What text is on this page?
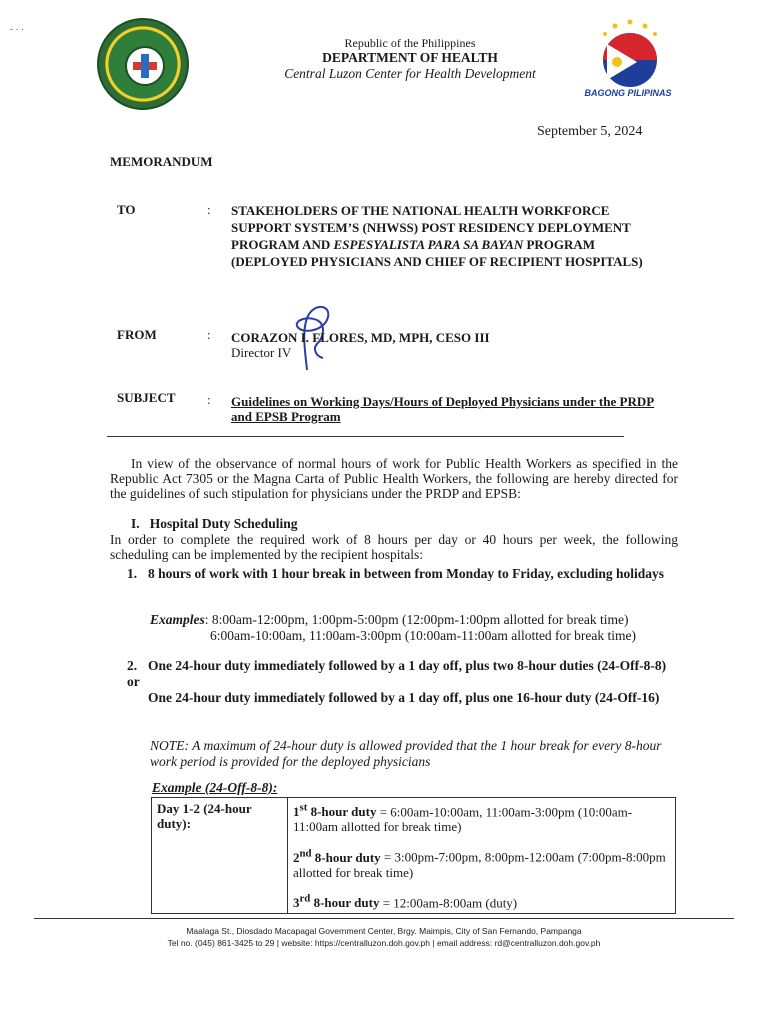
- · ·
Republic of the Philippines
DEPARTMENT OF HEALTH
Central Luzon Center for Health Development
BAGONG PILIPINAS
September 5, 2024
MEMORANDUM
TO	: STAKEHOLDERS OF THE NATIONAL HEALTH WORKFORCE SUPPORT SYSTEM’S (NHWSS) POST RESIDENCY DEPLOYMENT PROGRAM AND ESPESYALISTA PARA SA BAYAN PROGRAM (DEPLOYED PHYSICIANS AND CHIEF OF RECIPIENT HOSPITALS)
FROM	: CORAZON I. FLORES, MD, MPH, CESO III
Director IV
SUBJECT : Guidelines on Working Days/Hours of Deployed Physicians under the PRDP and EPSB Program
In view of the observance of normal hours of work for Public Health Workers as specified in the Republic Act 7305 or the Magna Carta of Public Health Workers, the following are hereby directed for the guidelines of such stipulation for physicians under the PRDP and EPSB:
I. Hospital Duty Scheduling
In order to complete the required work of 8 hours per day or 40 hours per week, the following scheduling can be implemented by the recipient hospitals:
1. 8 hours of work with 1 hour break in between from Monday to Friday, excluding holidays
Examples: 8:00am-12:00pm, 1:00pm-5:00pm (12:00pm-1:00pm allotted for break time)
6:00am-10:00am, 11:00am-3:00pm (10:00am-11:00am allotted for break time)
2. One 24-hour duty immediately followed by a 1 day off, plus two 8-hour duties (24-Off-8-8) or
One 24-hour duty immediately followed by a 1 day off, plus one 16-hour duty (24-Off-16)
NOTE: A maximum of 24-hour duty is allowed provided that the 1 hour break for every 8-hour work period is provided for the deployed physicians
Example (24-Off-8-8):
Day 1-2 (24-hour duty):	
1st 8-hour duty = 6:00am-10:00am, 11:00am-3:00pm (10:00am-11:00am allotted for break time)
2nd 8-hour duty = 3:00pm-7:00pm, 8:00pm-12:00am (7:00pm-8:00pm allotted for break time)
3rd 8-hour duty = 12:00am-8:00am (duty)
Maalaga St., Diosdado Macapagal Government Center, Brgy. Maimpis, City of San Fernando, Pampanga
Tel no. (045) 861-3425 to 29 | website: https://centralluzon.doh.gov.ph | email address: rd@centralluzon.doh.gov.ph
